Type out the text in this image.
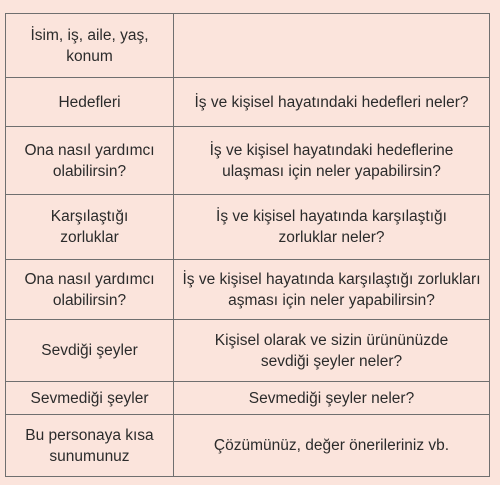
İsim, iş, aile, yaş, konum	
Hedefleri	İş ve kişisel hayatındaki hedefleri neler?
Ona nasıl yardımcı olabilirsin?	İş ve kişisel hayatındaki hedeflerine ulaşması için neler yapabilirsin?
Karşılaştığı zorluklar	İş ve kişisel hayatında karşılaştığı zorluklar neler?
Ona nasıl yardımcı olabilirsin?	İş ve kişisel hayatında karşılaştığı zorlukları aşması için neler yapabilirsin?
Sevdiği şeyler	Kişisel olarak ve sizin ürününüzde sevdiği şeyler neler?
Sevmediği şeyler	Sevmediği şeyler neler?
Bu personaya kısa sunumunuz	Çözümünüz, değer önerileriniz vb.
